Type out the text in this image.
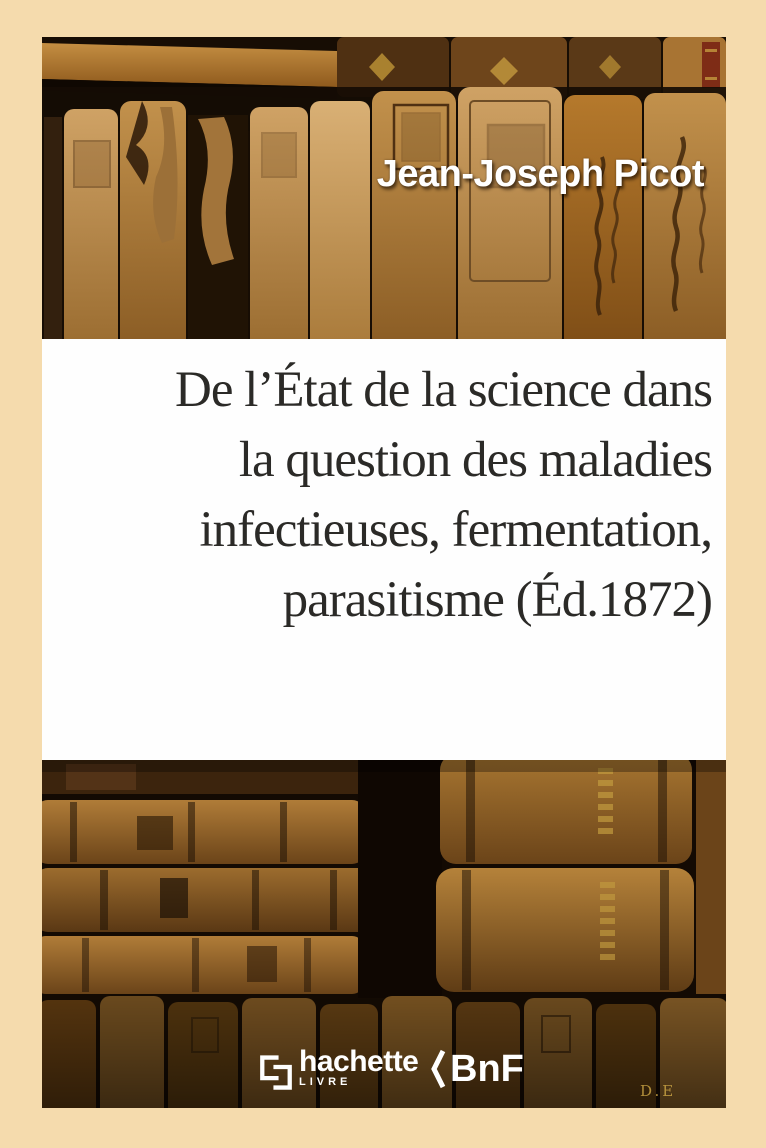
Jean-Joseph Picot
De l’État de la science dans
la question des maladies
infectieuses, fermentation,
parasitisme (Éd.1872)
D.E
hachette
LIVRE	BnF
